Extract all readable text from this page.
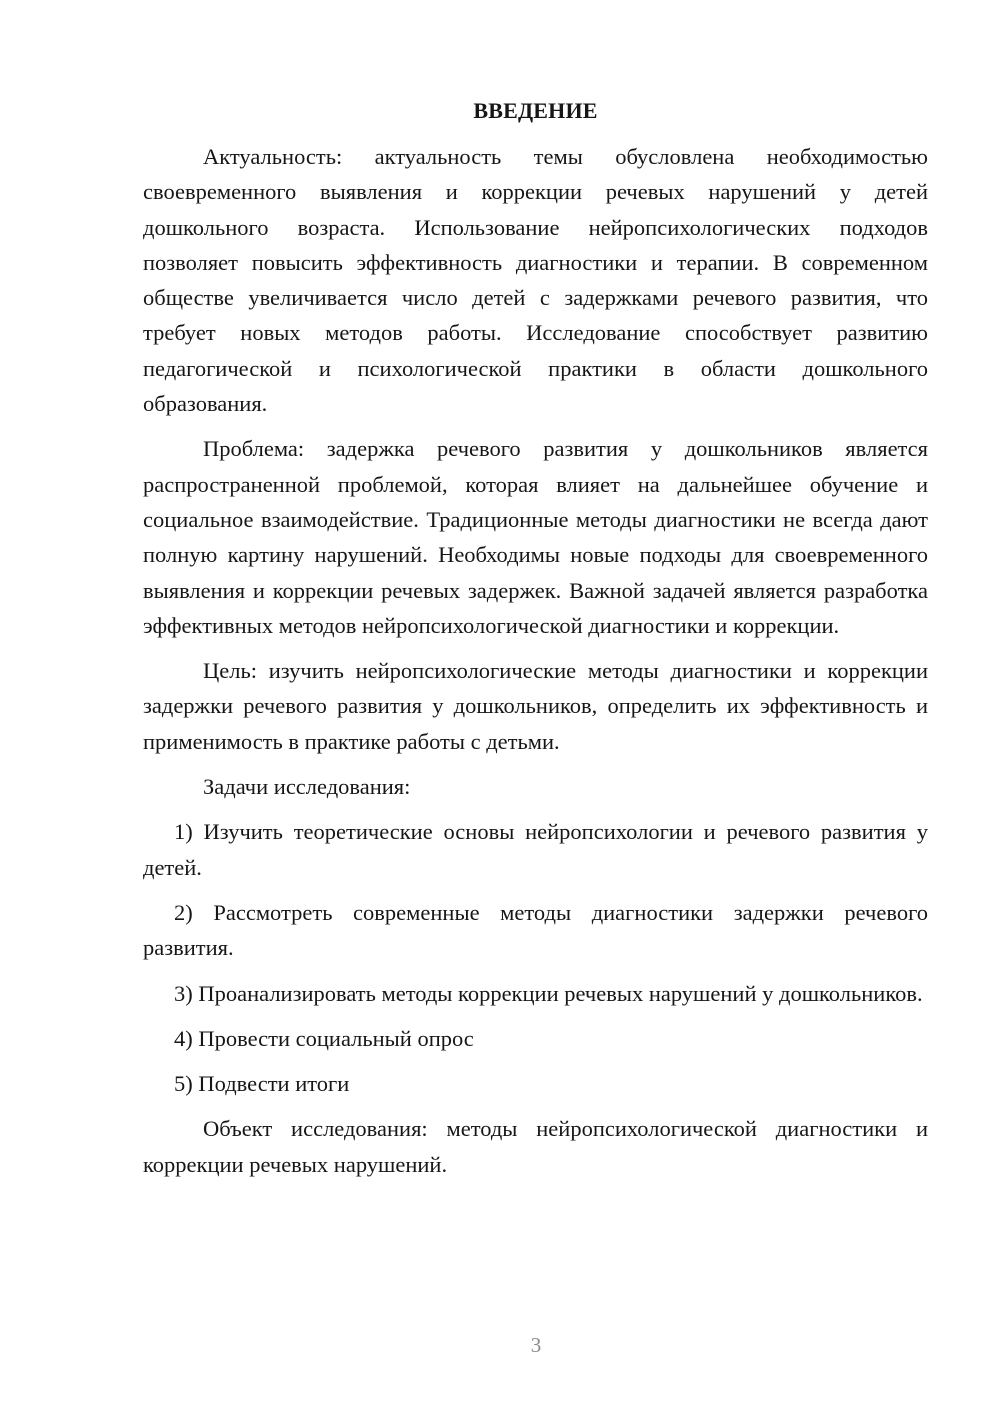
ВВЕДЕНИЕ

Актуальность: актуальность темы обусловлена необходимостью своевременного выявления и коррекции речевых нарушений у детей дошкольного возраста. Использование нейропсихологических подходов позволяет повысить эффективность диагностики и терапии. В современном обществе увеличивается число детей с задержками речевого развития, что требует новых методов работы. Исследование способствует развитию педагогической и психологической практики в области дошкольного образования.

Проблема: задержка речевого развития у дошкольников является распространенной проблемой, которая влияет на дальнейшее обучение и социальное взаимодействие. Традиционные методы диагностики не всегда дают полную картину нарушений. Необходимы новые подходы для своевременного выявления и коррекции речевых задержек. Важной задачей является разработка эффективных методов нейропсихологической диагностики и коррекции.

Цель: изучить нейропсихологические методы диагностики и коррекции задержки речевого развития у дошкольников, определить их эффективность и применимость в практике работы с детьми.

Задачи исследования:

1) Изучить теоретические основы нейропсихологии и речевого развития у детей.

2) Рассмотреть современные методы диагностики задержки речевого развития.

3) Проанализировать методы коррекции речевых нарушений у дошкольников.

4) Провести социальный опрос

5) Подвести итоги

Объект исследования: методы нейропсихологической диагностики и коррекции речевых нарушений.

3
